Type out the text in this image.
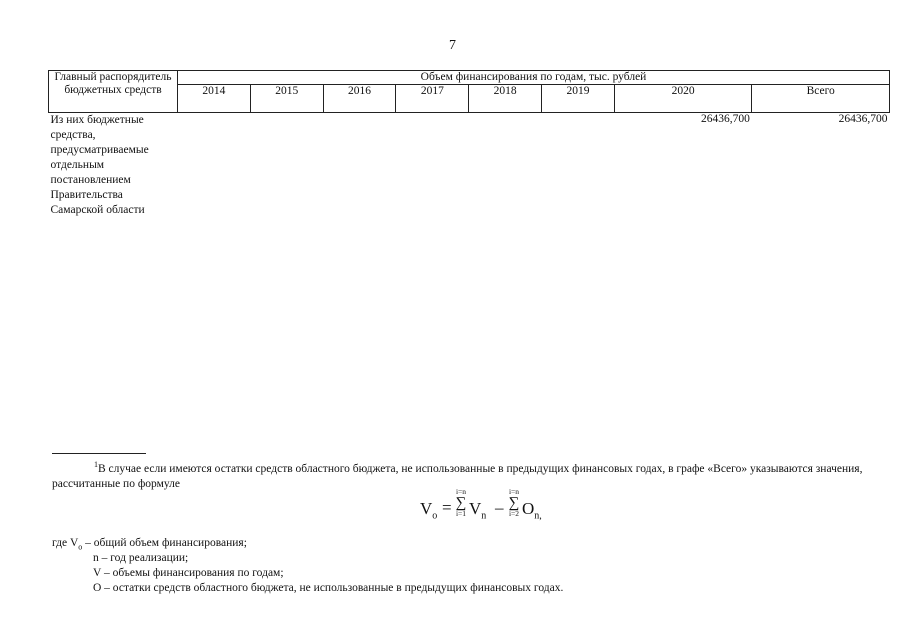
7
Главный распорядитель бюджетных средств	Объем финансирования по годам, тыс. рублей							
	2014	2015	2016	2017	2018	2019	2020	Всего
Из них бюджетные средства, предусматриваемые отдельным постановлением Правительства Самарской области							26436,700	26436,700
$^1$В случае если имеются остатки средств областного бюджета, не использованные в предыдущих финансовых годах, в графе «Всего» указываются значения, рассчитанные по формуле
$V_o$ =
i=n
∑
i=1 $V_n$ –
i=n
∑
i=2 $O_{n,}$
где $V_o$ – общий объем финансирования;
n – год реализации;
V – объемы финансирования по годам;
O – остатки средств областного бюджета, не использованные в предыдущих финансовых годах.
